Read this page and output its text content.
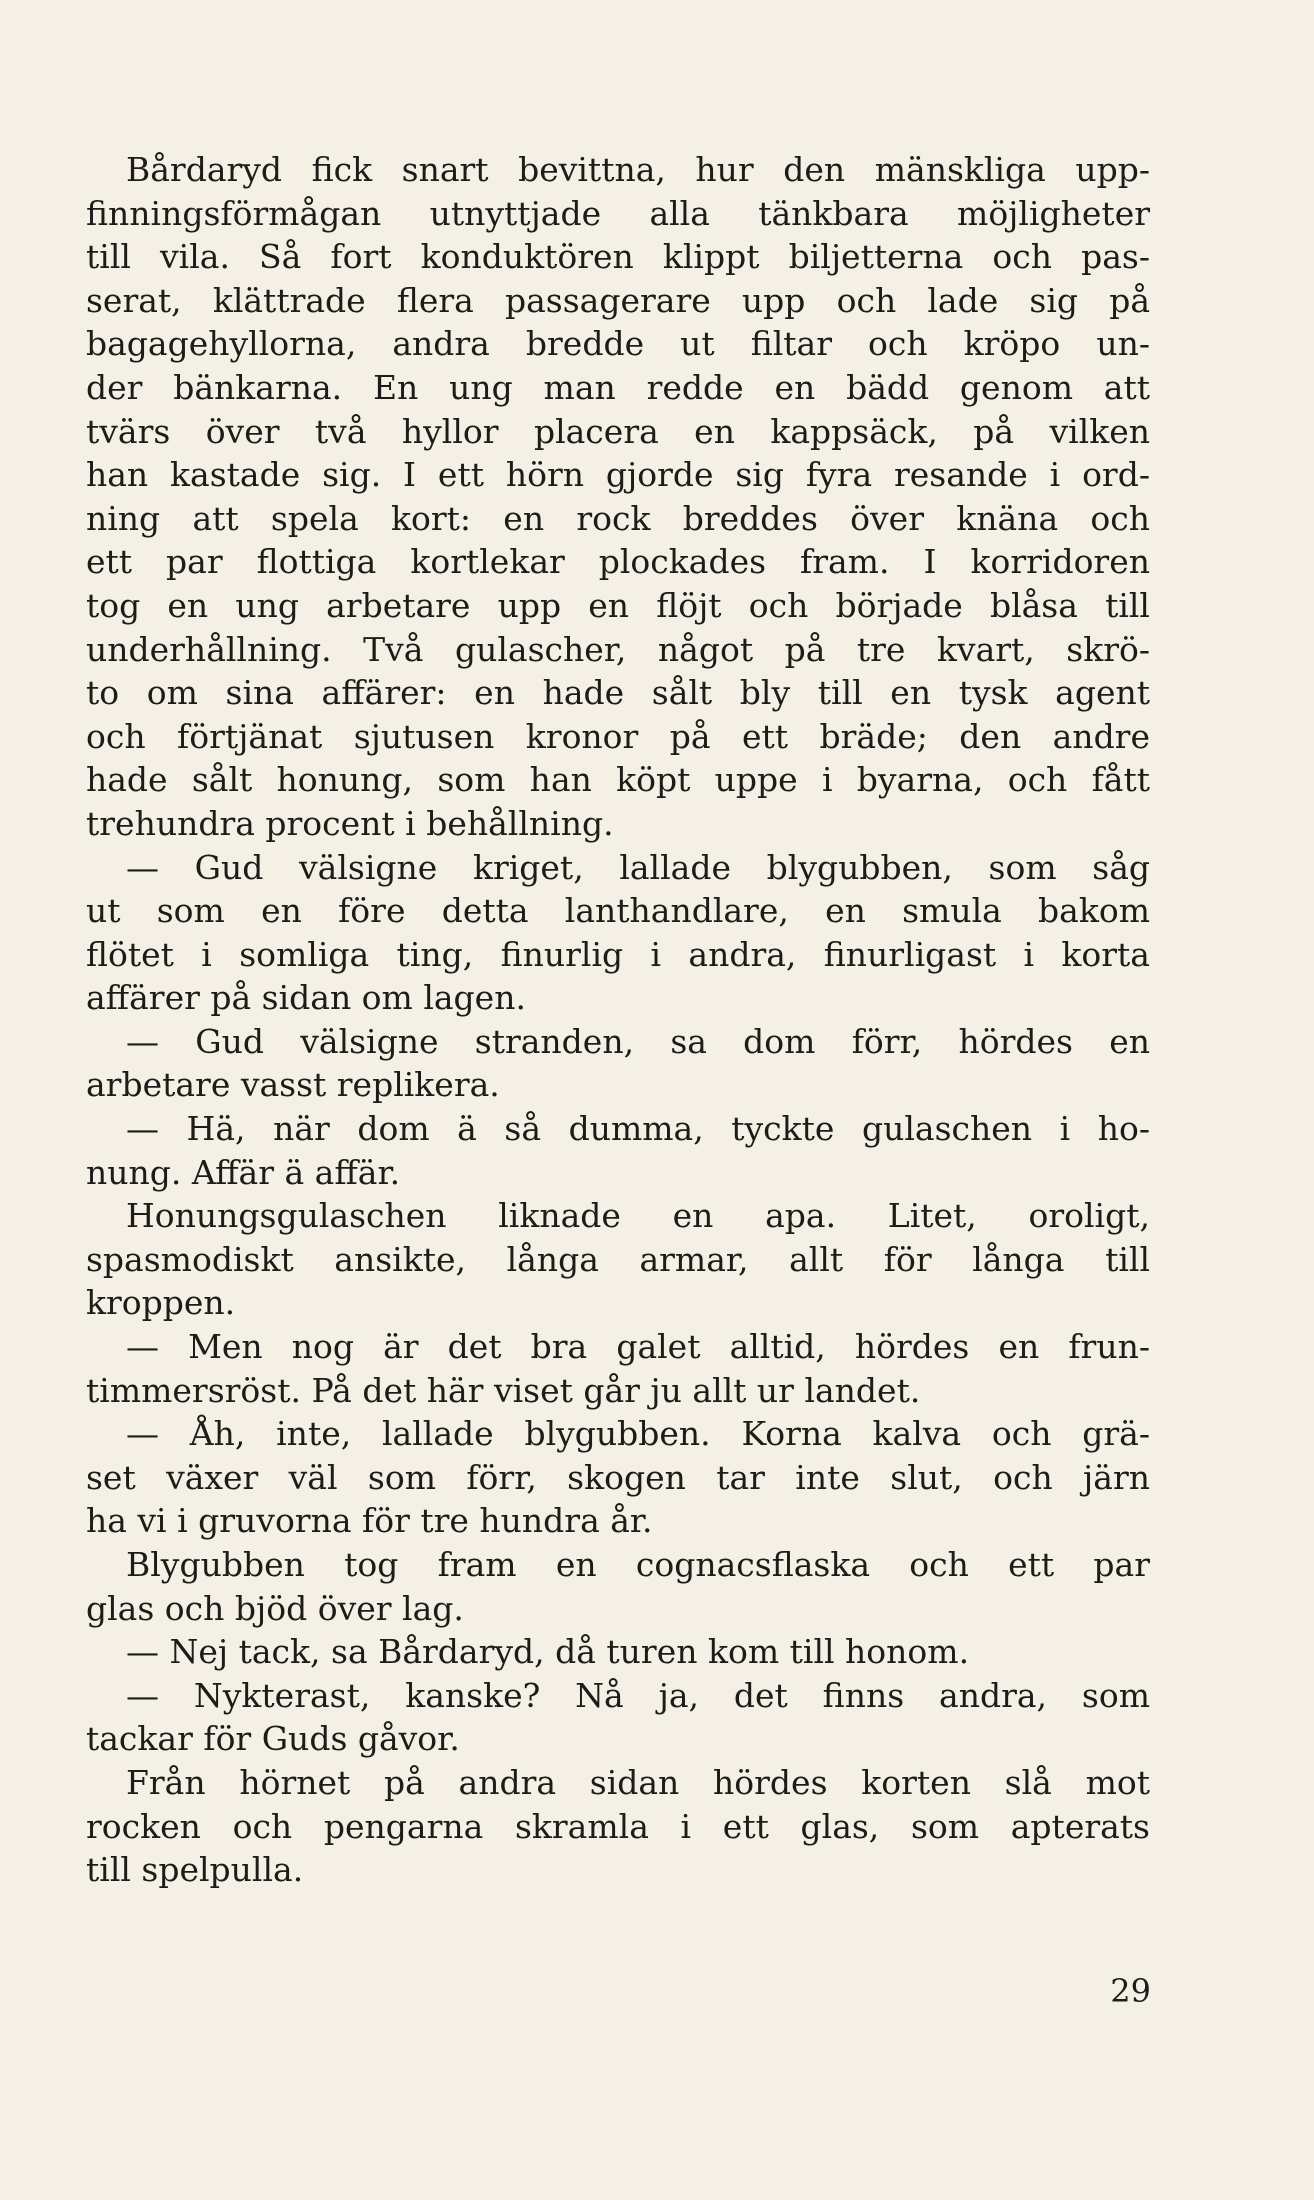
Bårdaryd fick snart bevittna, hur den mänskliga upp-
finningsförmågan utnyttjade alla tänkbara möjligheter
till vila. Så fort konduktören klippt biljetterna och pas-
serat, klättrade flera passagerare upp och lade sig på
bagagehyllorna, andra bredde ut filtar och kröpo un-
der bänkarna. En ung man redde en bädd genom att
tvärs över två hyllor placera en kappsäck, på vilken
han kastade sig. I ett hörn gjorde sig fyra resande i ord-
ning att spela kort: en rock breddes över knäna och
ett par flottiga kortlekar plockades fram. I korridoren
tog en ung arbetare upp en flöjt och började blåsa till
underhållning. Två gulascher, något på tre kvart, skrö-
to om sina affärer: en hade sålt bly till en tysk agent
och förtjänat sjutusen kronor på ett bräde; den andre
hade sålt honung, som han köpt uppe i byarna, och fått
trehundra procent i behållning.
— Gud välsigne kriget, lallade blygubben, som såg
ut som en före detta lanthandlare, en smula bakom
flötet i somliga ting, finurlig i andra, finurligast i korta
affärer på sidan om lagen.
— Gud välsigne stranden, sa dom förr, hördes en
arbetare vasst replikera.
— Hä, när dom ä så dumma, tyckte gulaschen i ho-
nung. Affär ä affär.
Honungsgulaschen liknade en apa. Litet, oroligt,
spasmodiskt ansikte, långa armar, allt för långa till
kroppen.
— Men nog är det bra galet alltid, hördes en frun-
timmersröst. På det här viset går ju allt ur landet.
— Åh, inte, lallade blygubben. Korna kalva och grä-
set växer väl som förr, skogen tar inte slut, och järn
ha vi i gruvorna för tre hundra år.
Blygubben tog fram en cognacsflaska och ett par
glas och bjöd över lag.
— Nej tack, sa Bårdaryd, då turen kom till honom.
— Nykterast, kanske? Nå ja, det finns andra, som
tackar för Guds gåvor.
Från hörnet på andra sidan hördes korten slå mot
rocken och pengarna skramla i ett glas, som apterats
till spelpulla.
29
